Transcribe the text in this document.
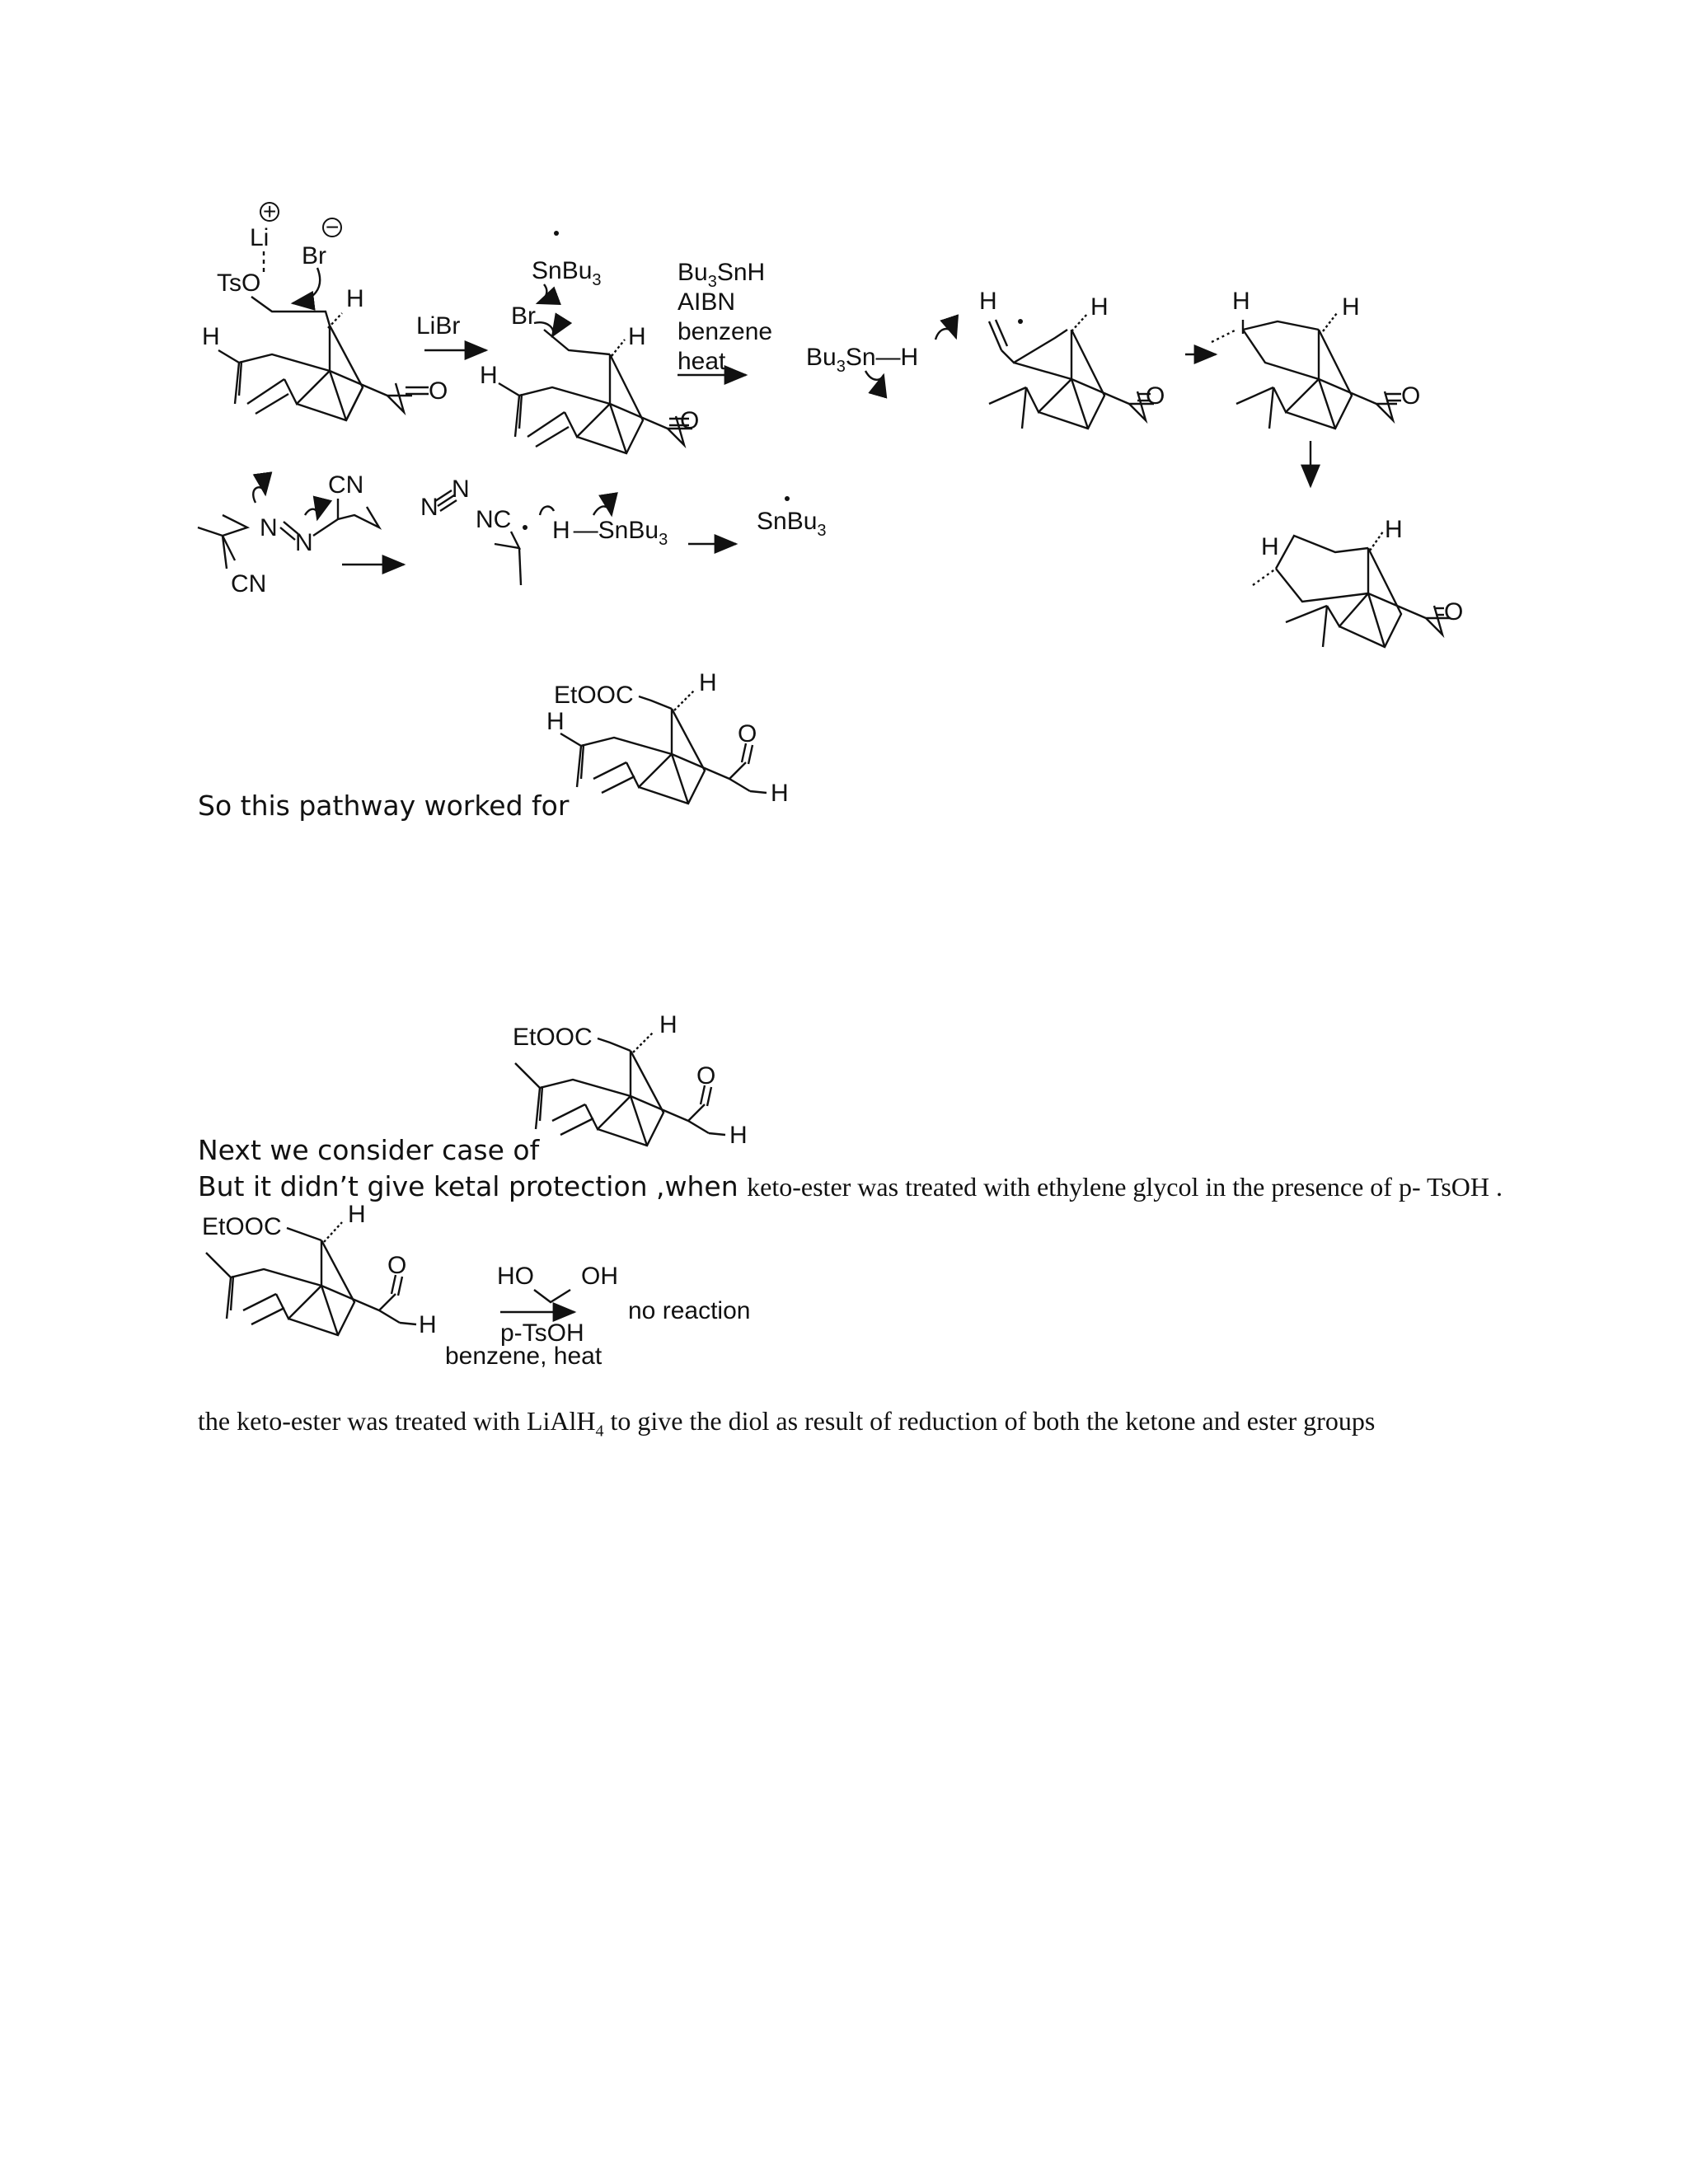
+
Li −
Br
TsO
H
H
O
LiBr
SnBu$_3$
Br
H
H
O
$Bu_3SnH$
AIBN
benzene
heat	$Bu_3Sn—H$
H	H
O
H	H
O
H
H
O
CN
N
N
CN
N
N
NC H —SnBu$_3$
SnBu$_3$
EtOOC	H
H	O
H
EtOOC	H
O
H
EtOOC	H
O
H
HO OH
p-TsOH
benzene, heat
no reaction
So this pathway worked for
Next we consider case of
But it didn’t give ketal protection ,when keto-ester was treated with ethylene glycol in the presence of p- TsOH .
the keto-ester was treated with LiAlH$_4$ to give the diol as result of reduction of both the ketone and ester groups
